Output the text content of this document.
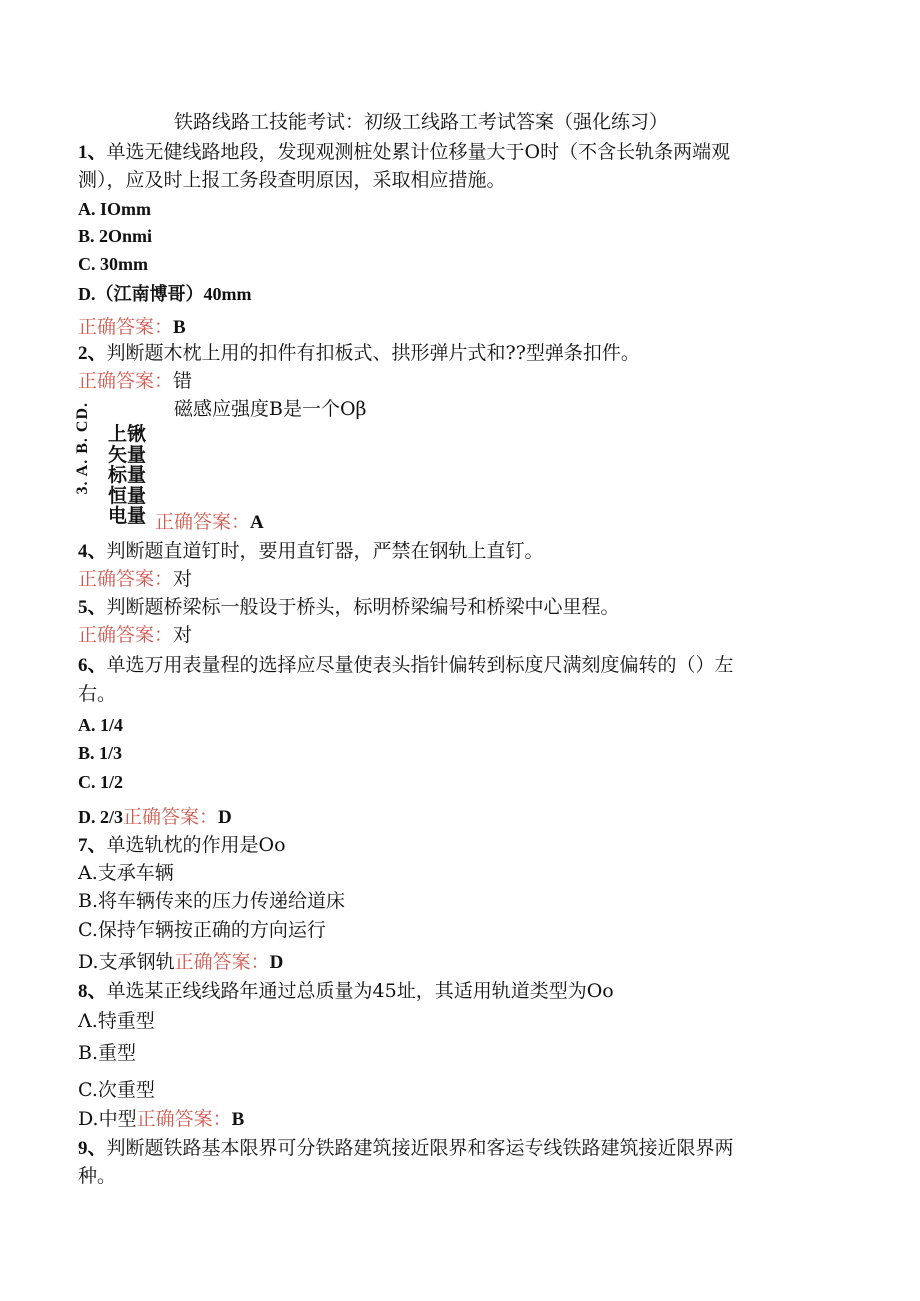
铁路线路工技能考试：初级工线路工考试答案（强化练习）
1、单选无健线路地段，发现观测桩处累计位移量大于O时（不含长轨条两端观
测），应及时上报工务段查明原因，采取相应措施。
A. IOmm
B. 2Onmi
C. 30mm
D.（江南博哥）40mm
正确答案：B
2、判断题木枕上用的扣件有扣板式、拱形弹片式和??型弹条扣件。
正确答案：错
3. A. B. CD.	磁感应强度B是一个Oβ
上锹
矢量
标量
恒量
电量 正确答案：A
4、判断题直道钉时，要用直钉器，严禁在钢轨上直钉。
正确答案：对
5、判断题桥梁标一般设于桥头，标明桥梁编号和桥梁中心里程。
正确答案：对
6、单选万用表量程的选择应尽量使表头指针偏转到标度尺满刻度偏转的（）左
右。
A. 1/4
B. 1/3
C. 1/2
D. 2/3正确答案：D
7、单选轨枕的作用是Oo
A.支承车辆
B.将车辆传来的压力传递给道床
C.保持乍辆按正确的方向运行
D.支承钢轨正确答案：D
8、单选某正线线路年通过总质量为45址，其适用轨道类型为Oo
Λ.特重型
B.重型
C.次重型
D.中型正确答案：B
9、判断题铁路基本限界可分铁路建筑接近限界和客运专线铁路建筑接近限界两
种。
